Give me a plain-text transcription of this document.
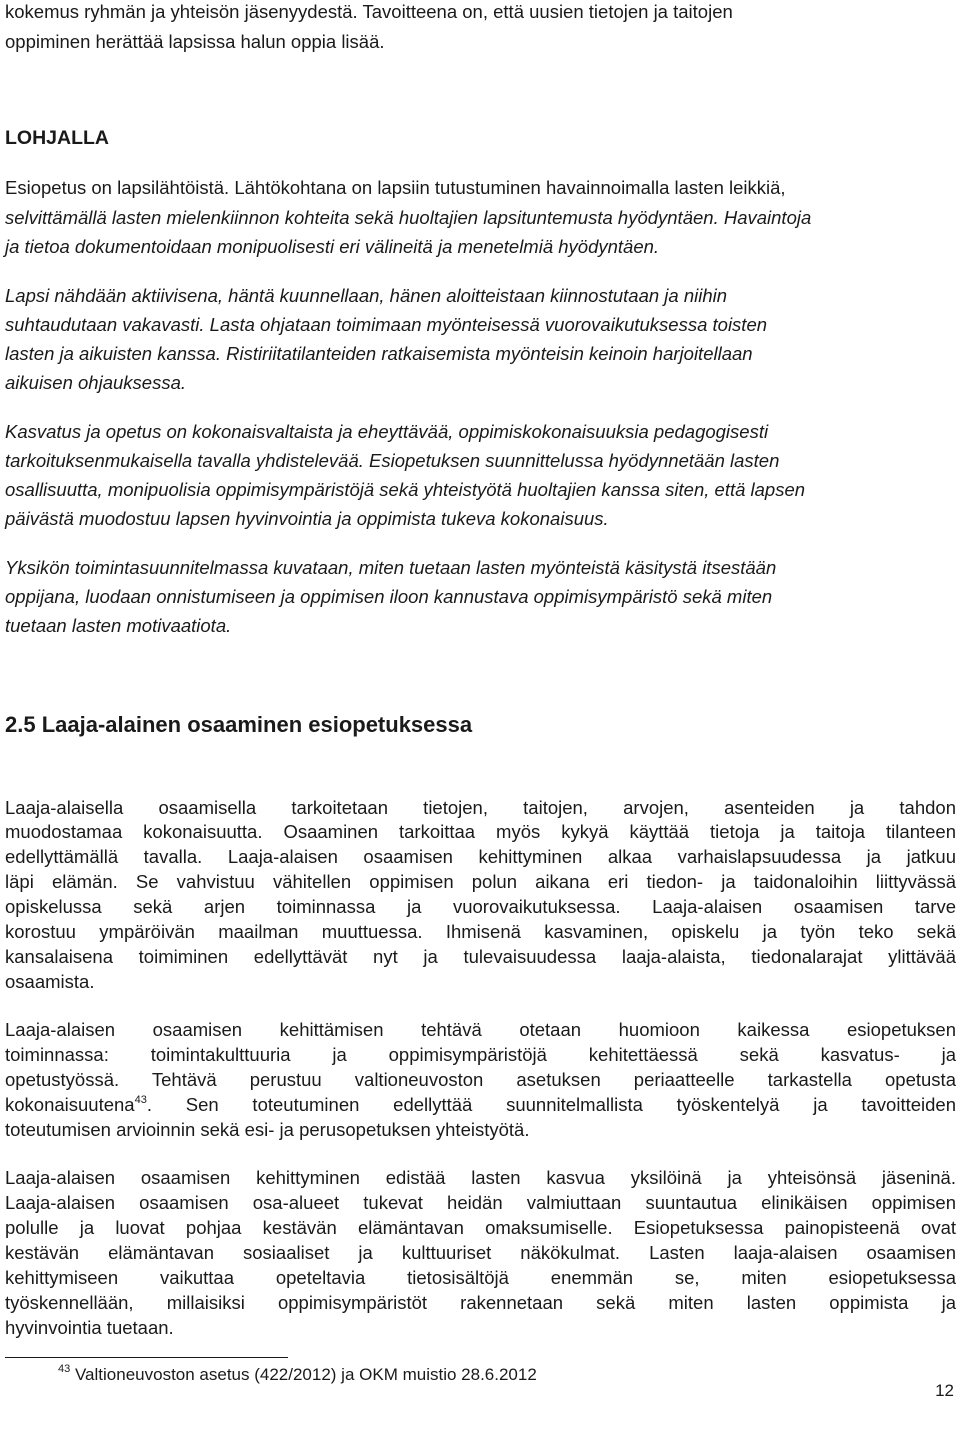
kokemus ryhmän ja yhteisön jäsenyydestä. Tavoitteena on, että uusien tietojen ja taitojen
oppiminen herättää lapsissa halun oppia lisää.
LOHJALLA
Esiopetus on lapsilähtöistä. Lähtökohtana on lapsiin tutustuminen havainnoimalla lasten leikkiä,
selvittämällä lasten mielenkiinnon kohteita sekä huoltajien lapsituntemusta hyödyntäen. Havaintoja
ja tietoa dokumentoidaan monipuolisesti eri välineitä ja menetelmiä hyödyntäen.
Lapsi nähdään aktiivisena, häntä kuunnellaan, hänen aloitteistaan kiinnostutaan ja niihin
suhtaudutaan vakavasti. Lasta ohjataan toimimaan myönteisessä vuorovaikutuksessa toisten
lasten ja aikuisten kanssa. Ristiriitatilanteiden ratkaisemista myönteisin keinoin harjoitellaan
aikuisen ohjauksessa.
Kasvatus ja opetus on kokonaisvaltaista ja eheyttävää, oppimiskokonaisuuksia pedagogisesti
tarkoituksenmukaisella tavalla yhdistelevää. Esiopetuksen suunnittelussa hyödynnetään lasten
osallisuutta, monipuolisia oppimisympäristöjä sekä yhteistyötä huoltajien kanssa siten, että lapsen
päivästä muodostuu lapsen hyvinvointia ja oppimista tukeva kokonaisuus.
Yksikön toimintasuunnitelmassa kuvataan, miten tuetaan lasten myönteistä käsitystä itsestään
oppijana, luodaan onnistumiseen ja oppimisen iloon kannustava oppimisympäristö sekä miten
tuetaan lasten motivaatiota.
2.5 Laaja-alainen osaaminen esiopetuksessa
Laaja-alaisella osaamisella tarkoitetaan tietojen, taitojen, arvojen, asenteiden ja tahdon
muodostamaa kokonaisuutta. Osaaminen tarkoittaa myös kykyä käyttää tietoja ja taitoja tilanteen
edellyttämällä tavalla. Laaja-alaisen osaamisen kehittyminen alkaa varhaislapsuudessa ja jatkuu
läpi elämän. Se vahvistuu vähitellen oppimisen polun aikana eri tiedon- ja taidonaloihin liittyvässä
opiskelussa sekä arjen toiminnassa ja vuorovaikutuksessa. Laaja-alaisen osaamisen tarve
korostuu ympäröivän maailman muuttuessa. Ihmisenä kasvaminen, opiskelu ja työn teko sekä
kansalaisena toimiminen edellyttävät nyt ja tulevaisuudessa laaja-alaista, tiedonalarajat ylittävää
osaamista.
Laaja-alaisen osaamisen kehittämisen tehtävä otetaan huomioon kaikessa esiopetuksen
toiminnassa: toimintakulttuuria ja oppimisympäristöjä kehitettäessä sekä kasvatus- ja
opetustyössä. Tehtävä perustuu valtioneuvoston asetuksen periaatteelle tarkastella opetusta
kokonaisuutena$^{43}$. Sen toteutuminen edellyttää suunnitelmallista työskentelyä ja tavoitteiden
toteutumisen arvioinnin sekä esi- ja perusopetuksen yhteistyötä.
Laaja-alaisen osaamisen kehittyminen edistää lasten kasvua yksilöinä ja yhteisönsä jäseninä.
Laaja-alaisen osaamisen osa-alueet tukevat heidän valmiuttaan suuntautua elinikäisen oppimisen
polulle ja luovat pohjaa kestävän elämäntavan omaksumiselle. Esiopetuksessa painopisteenä ovat
kestävän elämäntavan sosiaaliset ja kulttuuriset näkökulmat. Lasten laaja-alaisen osaamisen
kehittymiseen vaikuttaa opeteltavia tietosisältöjä enemmän se, miten esiopetuksessa
työskennellään, millaisiksi oppimisympäristöt rakennetaan sekä miten lasten oppimista ja
hyvinvointia tuetaan.
$^{43}$ Valtioneuvoston asetus (422/2012) ja OKM muistio 28.6.2012
12
